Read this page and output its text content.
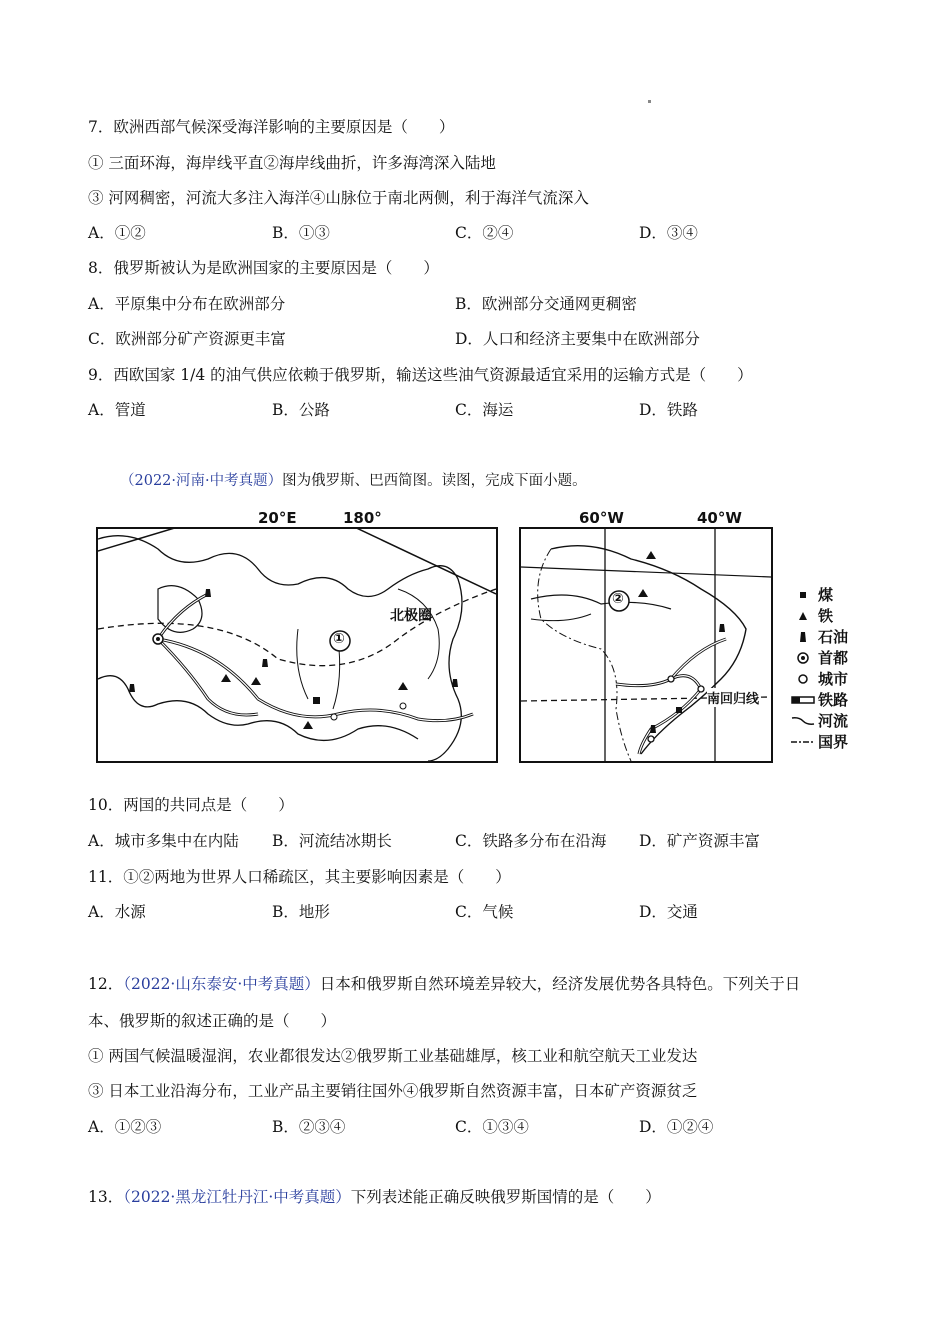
7．欧洲西部气候深受海洋影响的主要原因是（　　）
① 三面环海，海岸线平直②海岸线曲折，许多海湾深入陆地
③ 河网稠密，河流大多注入海洋④山脉位于南北两侧，利于海洋气流深入
A．①②	B．①③	C．②④	D．③④
8．俄罗斯被认为是欧洲国家的主要原因是（　　）
A．平原集中分布在欧洲部分	B．欧洲部分交通网更稠密
C．欧洲部分矿产资源更丰富	D．人口和经济主要集中在欧洲部分
9．西欧国家 1/4 的油气供应依赖于俄罗斯，输送这些油气资源最适宜采用的运输方式是（　　）
A．管道	B．公路	C．海运	D．铁路
（2022·河南·中考真题）图为俄罗斯、巴西简图。读图，完成下面小题。
20°E	180°
①
北极圈
60°W	40°W
②
南回归线
煤
铁
石油
首都
城市
铁路
河流
国界
10．两国的共同点是（　　）
A．城市多集中在内陆 B．河流结冰期长	C．铁路多分布在沿海 D．矿产资源丰富
11．①②两地为世界人口稀疏区，其主要影响因素是（　　）
A．水源	B．地形	C．气候	D．交通
12．（2022·山东泰安·中考真题）日本和俄罗斯自然环境差异较大，经济发展优势各具特色。下列关于日
本、俄罗斯的叙述正确的是（　　）
① 两国气候温暖湿润，农业都很发达②俄罗斯工业基础雄厚，核工业和航空航天工业发达
③ 日本工业沿海分布，工业产品主要销往国外④俄罗斯自然资源丰富，日本矿产资源贫乏
A．①②③	B．②③④	C．①③④	D．①②④
13．（2022·黑龙江牡丹江·中考真题）下列表述能正确反映俄罗斯国情的是（　　）
